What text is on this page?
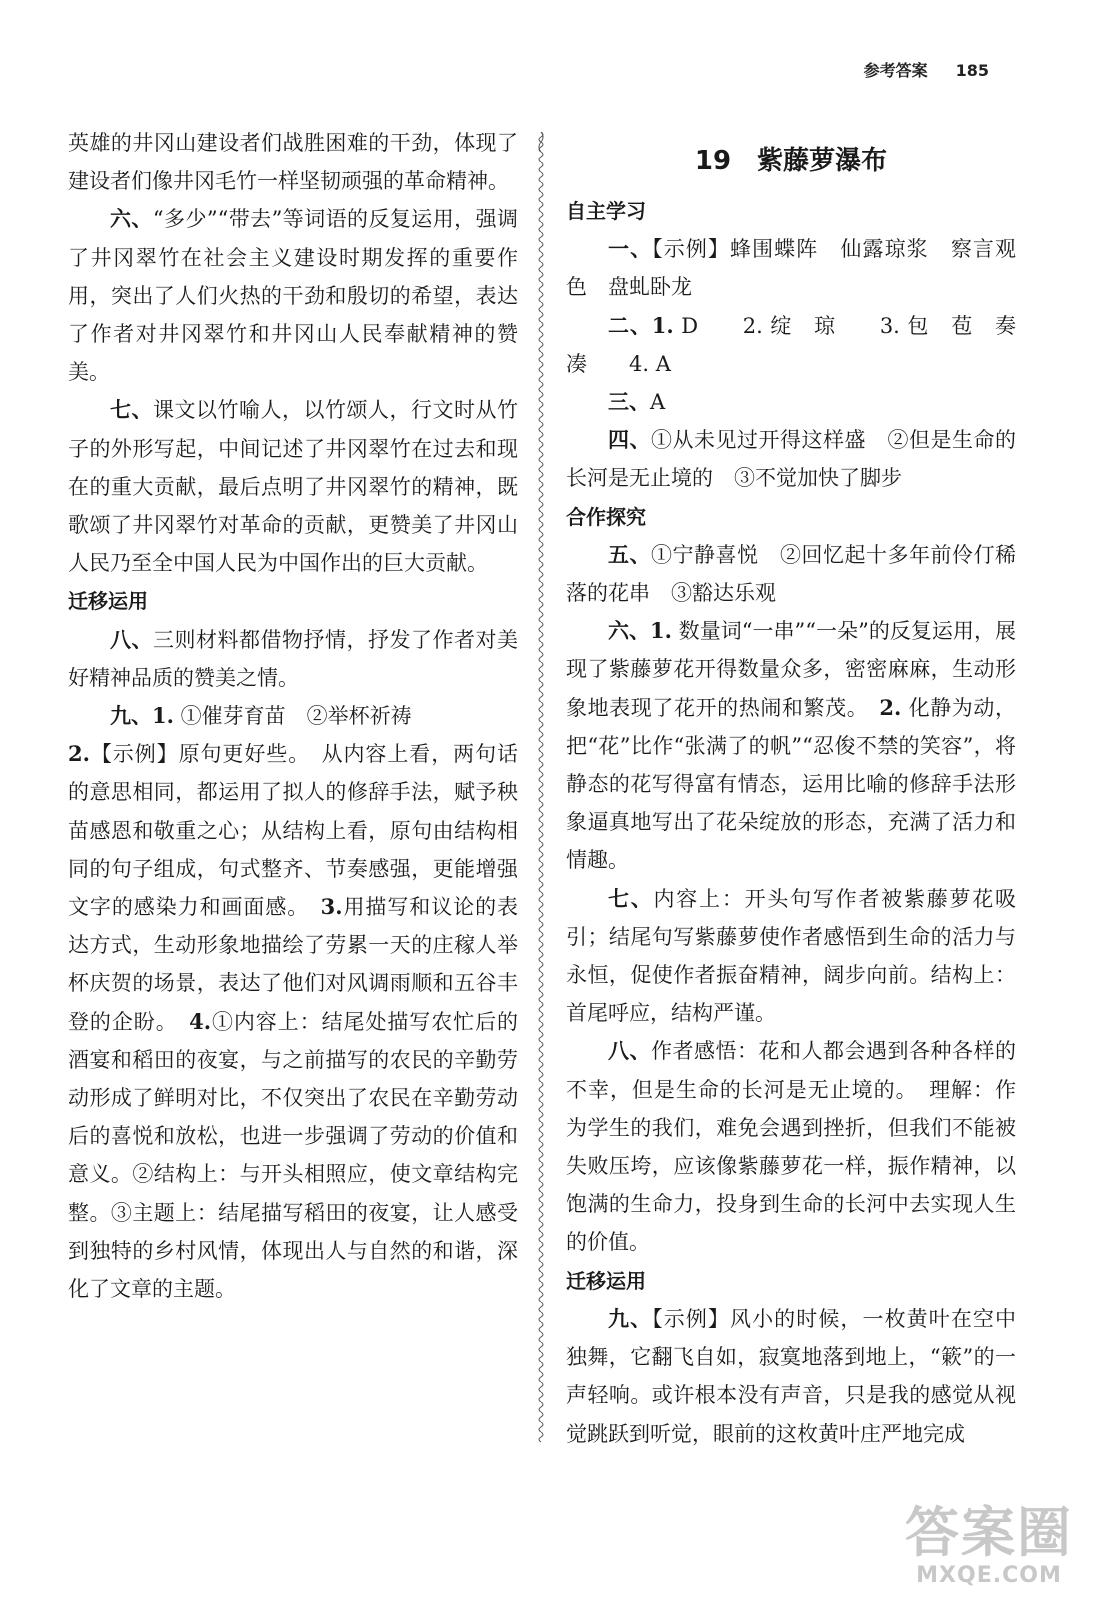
参考答案 185

英雄的井冈山建设者们战胜困难的干劲，体现了建设者们像井冈毛竹一样坚韧顽强的革命精神。

六、“多少”“带去”等词语的反复运用，强调了井冈翠竹在社会主义建设时期发挥的重要作用，突出了人们火热的干劲和殷切的希望，表达了作者对井冈翠竹和井冈山人民奉献精神的赞美。

七、课文以竹喻人，以竹颂人，行文时从竹子的外形写起，中间记述了井冈翠竹在过去和现在的重大贡献，最后点明了井冈翠竹的精神，既歌颂了井冈翠竹对革命的贡献，更赞美了井冈山人民乃至全中国人民为中国作出的巨大贡献。

迁移运用

八、三则材料都借物抒情，抒发了作者对美好精神品质的赞美之情。

九、1. ①催芽育苗　②举杯祈祷

2.【示例】原句更好些。　从内容上看，两句话的意思相同，都运用了拟人的修辞手法，赋予秧苗感恩和敬重之心；从结构上看，原句由结构相同的句子组成，句式整齐、节奏感强，更能增强文字的感染力和画面感。　3.用描写和议论的表达方式，生动形象地描绘了劳累一天的庄稼人举杯庆贺的场景，表达了他们对风调雨顺和五谷丰登的企盼。　4.①内容上：结尾处描写农忙后的酒宴和稻田的夜宴，与之前描写的农民的辛勤劳动形成了鲜明对比，不仅突出了农民在辛勤劳动后的喜悦和放松，也进一步强调了劳动的价值和意义。②结构上：与开头相照应，使文章结构完整。③主题上：结尾描写稻田的夜宴，让人感受到独特的乡村风情，体现出人与自然的和谐，深化了文章的主题。

19　紫藤萝瀑布
自主学习

一、【示例】蜂围蝶阵　仙露琼浆　察言观色　盘虬卧龙

二、1. D　　2. 绽　琼　　3. 包　苞　奏　凑　　4. A

三、A

四、①从未见过开得这样盛　②但是生命的长河是无止境的　③不觉加快了脚步

合作探究

五、①宁静喜悦　②回忆起十多年前伶仃稀落的花串　③豁达乐观

六、1. 数量词“一串”“一朵”的反复运用，展现了紫藤萝花开得数量众多，密密麻麻，生动形象地表现了花开的热闹和繁茂。　2. 化静为动，把“花”比作“张满了的帆”“忍俊不禁的笑容”，将静态的花写得富有情态，运用比喻的修辞手法形象逼真地写出了花朵绽放的形态，充满了活力和情趣。

七、内容上：开头句写作者被紫藤萝花吸引；结尾句写紫藤萝使作者感悟到生命的活力与永恒，促使作者振奋精神，阔步向前。结构上：首尾呼应，结构严谨。

八、作者感悟：花和人都会遇到各种各样的不幸，但是生命的长河是无止境的。　理解：作为学生的我们，难免会遇到挫折，但我们不能被失败压垮，应该像紫藤萝花一样，振作精神，以饱满的生命力，投身到生命的长河中去实现人生的价值。

迁移运用

九、【示例】风小的时候，一枚黄叶在空中独舞，它翻飞自如，寂寞地落到地上，“簌”的一声轻响。或许根本没有声音，只是我的感觉从视觉跳跃到听觉，眼前的这枚黄叶庄严地完成

答案圈
MXQE.COM
